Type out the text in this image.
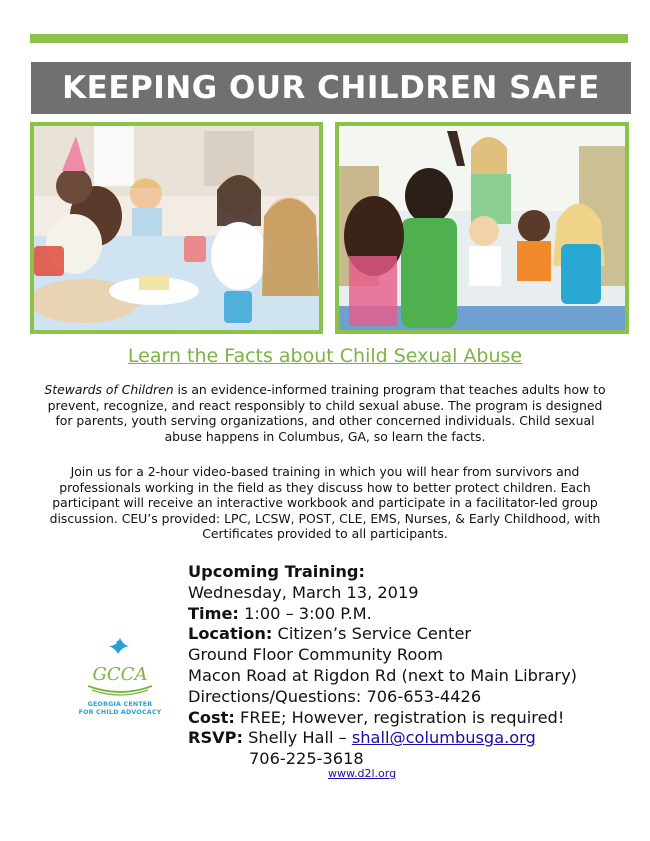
KEEPING OUR CHILDREN SAFE
Learn the Facts about Child Sexual Abuse
Stewards of Children is an evidence-informed training program that teaches adults how to prevent, recognize, and react responsibly to child sexual abuse. The program is designed for parents, youth serving organizations, and other concerned individuals. Child sexual abuse happens in Columbus, GA, so learn the facts.
Join us for a 2-hour video-based training in which you will hear from survivors and professionals working in the field as they discuss how to better protect children. Each participant will receive an interactive workbook and participate in a facilitator-led group discussion. CEU’s provided: LPC, LCSW, POST, CLE, EMS, Nurses, & Early Childhood, with Certificates provided to all participants.
GCCA
GEORGIA CENTER
FOR CHILD ADVOCACY
Upcoming Training:
Wednesday, March 13, 2019
Time: 1:00 – 3:00 P.M.
Location: Citizen’s Service Center
Ground Floor Community Room
Macon Road at Rigdon Rd (next to Main Library)
Directions/Questions: 706-653-4426
Cost: FREE; However, registration is required!
RSVP: Shelly Hall – shall@columbusga.org
706-225-3618
www.d2l.org
